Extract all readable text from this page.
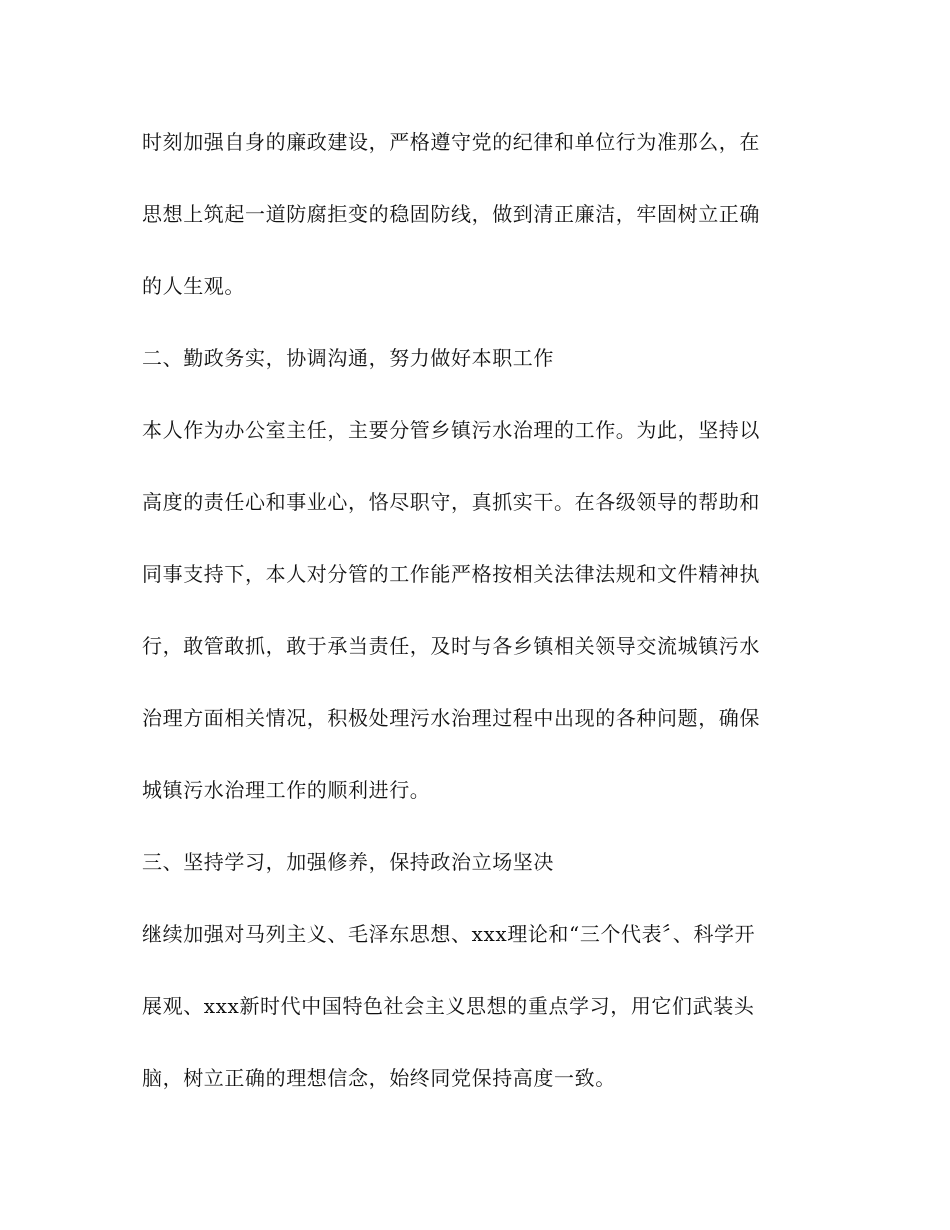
时刻加强自身的廉政建设，严格遵守党的纪律和单位行为准那么，在
思想上筑起一道防腐拒变的稳固防线，做到清正廉洁，牢固树立正确
的人生观。
二、勤政务实，协调沟通，努力做好本职工作
本人作为办公室主任，主要分管乡镇污水治理的工作。为此，坚持以
高度的责任心和事业心，恪尽职守，真抓实干。在各级领导的帮助和
同事支持下，本人对分管的工作能严格按相关法律法规和文件精神执
行，敢管敢抓，敢于承当责任，及时与各乡镇相关领导交流城镇污水
治理方面相关情况，积极处理污水治理过程中出现的各种问题，确保
城镇污水治理工作的顺利进行。
三、坚持学习，加强修养，保持政治立场坚决
继续加强对马列主义、毛泽东思想、xxx理论和“三个代表〞、科学开
展观、xxx新时代中国特色社会主义思想的重点学习，用它们武装头
脑，树立正确的理想信念，始终同党保持高度一致。
